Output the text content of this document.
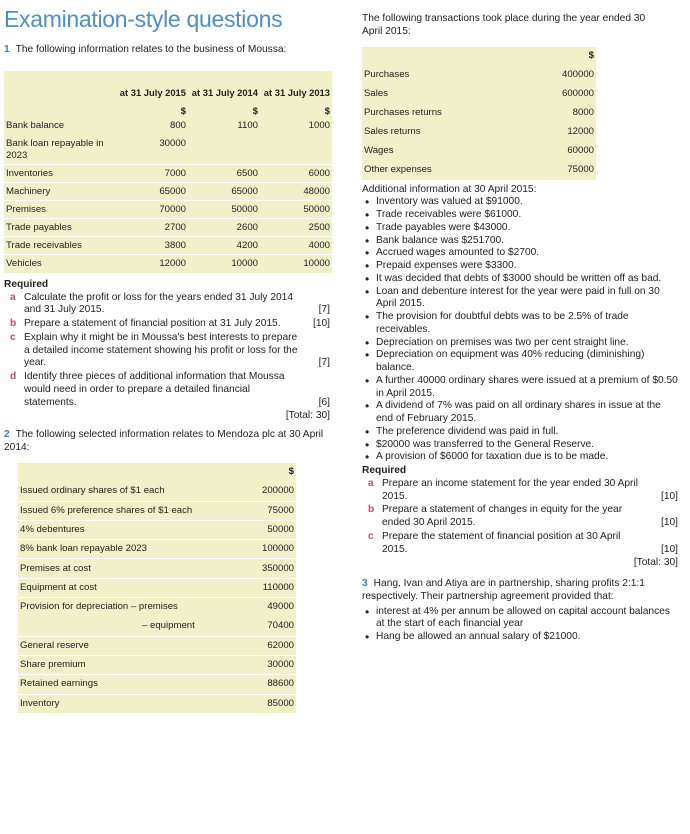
Examination-style questions
1 The following information relates to the business of Moussa:
	at 31 July 2015	at 31 July 2014	at 31 July 2013
	$	$	$
Bank balance	800	1100	1000
Bank loan repayable in 2023	30000		
Inventories	7000	6500	6000
Machinery	65000	65000	48000
Premises	70000	50000	50000
Trade payables	2700	2600	2500
Trade receivables	3800	4200	4000
Vehicles	12000	10000	10000
Required
a Calculate the profit or loss for the years ended 31 July 2014 and 31 July 2015.	[7]
b Prepare a statement of financial position at 31 July 2015.	[10]
c Explain why it might be in Moussa's best interests to prepare a detailed income statement showing his profit or loss for the year.	[7]
d Identify three pieces of additional information that Moussa would need in order to prepare a detailed financial statements.	[6]
[Total: 30]
2 The following selected information relates to Mendoza plc at 30 April 2014:
	$
Issued ordinary shares of $1 each	200000
Issued 6% preference shares of $1 each	75000
4% debentures	50000
8% bank loan repayable 2023	100000
Premises at cost	350000
Equipment at cost	110000
Provision for depreciation – premises	49000
– equipment	70400
General reserve	62000
Share premium	30000
Retained earnings	88600
Inventory	85000
The following transactions took place during the year ended 30 April 2015:
	$
Purchases	400000
Sales	600000
Purchases returns	8000
Sales returns	12000
Wages	60000
Other expenses	75000
Additional information at 30 April 2015:
• Inventory was valued at $91000.
• Trade receivables were $61000.
• Trade payables were $43000.
• Bank balance was $251700.
• Accrued wages amounted to $2700.
• Prepaid expenses were $3300.
• It was decided that debts of $3000 should be written off as bad.
• Loan and debenture interest for the year were paid in full on 30 April 2015.
• The provision for doubtful debts was to be 2.5% of trade receivables.
• Depreciation on premises was two per cent straight line.
• Depreciation on equipment was 40% reducing (diminishing) balance.
• A further 40000 ordinary shares were issued at a premium of $0.50 in April 2015.
• A dividend of 7% was paid on all ordinary shares in issue at the end of February 2015.
• The preference dividend was paid in full.
• $20000 was transferred to the General Reserve.
• A provision of $6000 for taxation due is to be made.
Required
a Prepare an income statement for the year ended 30 April 2015.	[10]
b Prepare a statement of changes in equity for the year ended 30 April 2015.	[10]
c Prepare the statement of financial position at 30 April 2015.	[10]
[Total: 30]
3 Hang, Ivan and Atiya are in partnership, sharing profits 2:1:1 respectively. Their partnership agreement provided that:
• interest at 4% per annum be allowed on capital account balances at the start of each financial year
• Hang be allowed an annual salary of $21000.
